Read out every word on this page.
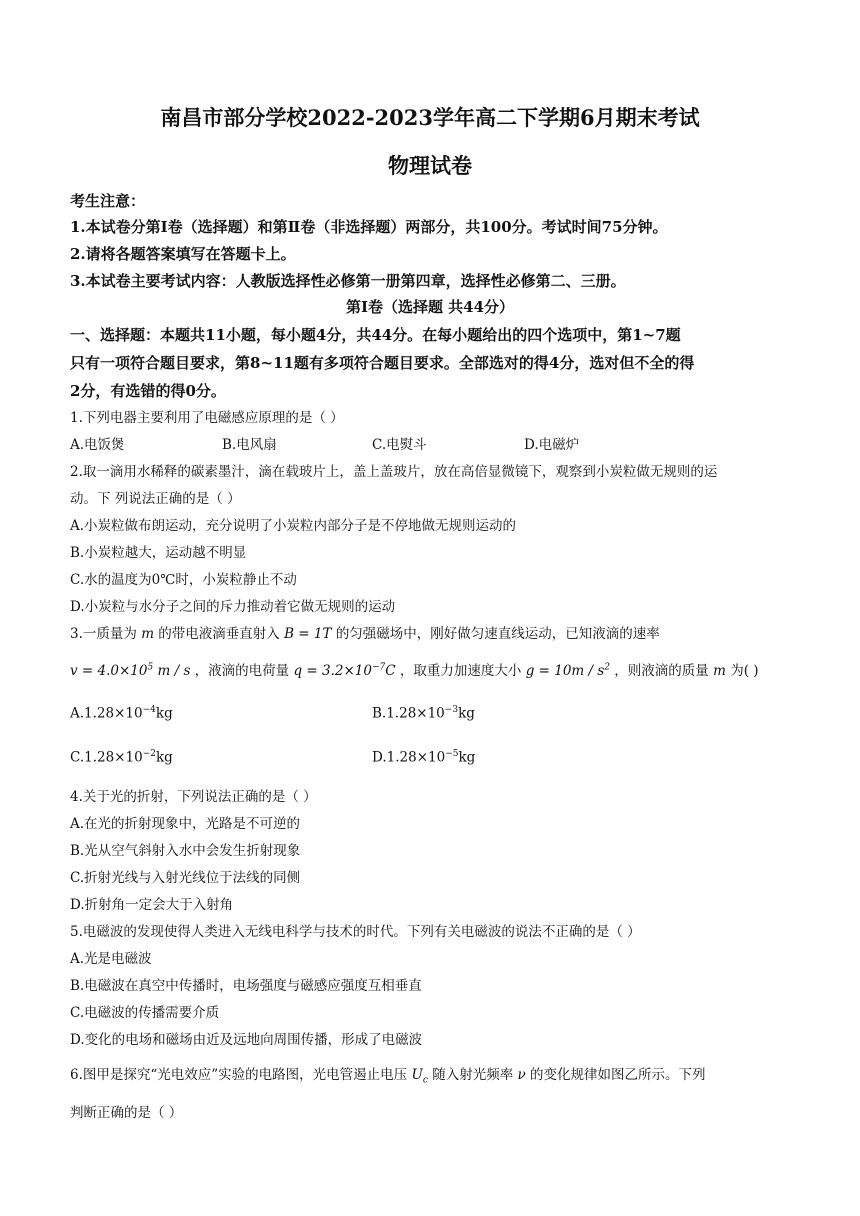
南昌市部分学校2022-2023学年高二下学期6月期末考试
物理试卷
考生注意：
1.本试卷分第Ⅰ卷（选择题）和第Ⅱ卷（非选择题）两部分，共100分。考试时间75分钟。
2.请将各题答案填写在答题卡上。
3.本试卷主要考试内容：人教版选择性必修第一册第四章，选择性必修第二、三册。
第Ⅰ卷（选择题 共44分）
一、选择题：本题共11小题，每小题4分，共44分。在每小题给出的四个选项中，第1~7题
只有一项符合题目要求，第8~11题有多项符合题目要求。全部选对的得4分，选对但不全的得
2分，有选错的得0分。
1.下列电器主要利用了电磁感应原理的是（ ）
A.电饭煲	B.电风扇	C.电熨斗	D.电磁炉
2.取一滴用水稀释的碳素墨汁，滴在载玻片上，盖上盖玻片，放在高倍显微镜下，观察到小炭粒做无规则的运
动。下 列说法正确的是（ ）
A.小炭粒做布朗运动，充分说明了小炭粒内部分子是不停地做无规则运动的
B.小炭粒越大，运动越不明显
C.水的温度为0℃时，小炭粒静止不动
D.小炭粒与水分子之间的斥力推动着它做无规则的运动
3.一质量为 m 的带电液滴垂直射入 B = 1T 的匀强磁场中，刚好做匀速直线运动，已知液滴的速率
$v = 4.0\times 10^5$ m / s ，液滴的电荷量 $q = 3.2\times 10^{-7}C$ ，取重力加速度大小 $g = 10m / s^2$ ，则液滴的质量 m 为( )
$A.1.28\times 10^{-4}kg$	$B.1.28\times 10^{-3}kg$
$C.1.28\times 10^{-2}kg$	$D.1.28\times 10^{-5}kg$
4.关于光的折射，下列说法正确的是（ ）
A.在光的折射现象中，光路是不可逆的
B.光从空气斜射入水中会发生折射现象
C.折射光线与入射光线位于法线的同侧
D.折射角一定会大于入射角
5.电磁波的发现使得人类进入无线电科学与技术的时代。下列有关电磁波的说法不正确的是（ ）
A.光是电磁波
B.电磁波在真空中传播时，电场强度与磁感应强度互相垂直
C.电磁波的传播需要介质
D.变化的电场和磁场由近及远地向周围传播，形成了电磁波
6.图甲是探究“光电效应”实验的电路图，光电管遏止电压 $U_c$ 随入射光频率 ν 的变化规律如图乙所示。下列
判断正确的是（ ）
